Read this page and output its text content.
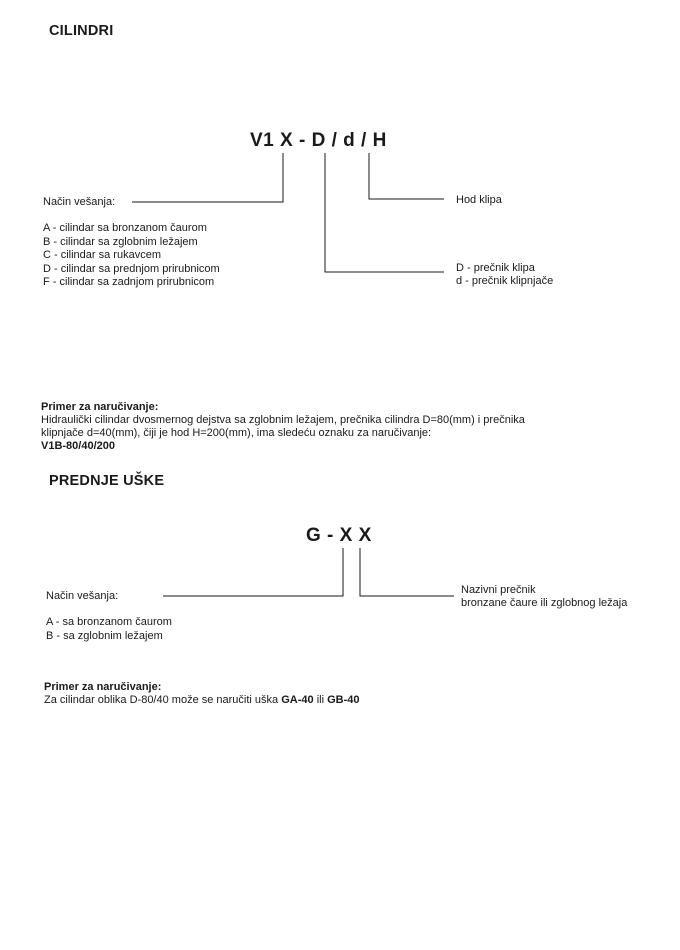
CILINDRI
V1 X - D / d / H
Način vešanja:
A - cilindar sa bronzanom čaurom
B - cilindar sa zglobnim ležajem
C - cilindar sa rukavcem
D - cilindar sa prednjom prirubnicom
F - cilindar sa zadnjom prirubnicom
Hod klipa
D - prečnik klipa
d - prečnik klipnjače
Primer za naručivanje:
Hidraulički cilindar dvosmernog dejstva sa zglobnim ležajem, prečnika cilindra D=80(mm) i prečnika
klipnjače d=40(mm), čiji je hod H=200(mm), ima sledeću oznaku za naručivanje:
V1B-80/40/200
PREDNJE UŠKE
G - X X
Način vešanja:
A - sa bronzanom čaurom
B - sa zglobnim ležajem
Nazivni prečnik
bronzane čaure ili zglobnog ležaja
Primer za naručivanje:
Za cilindar oblika D-80/40 može se naručiti uška GA-40 ili GB-40
